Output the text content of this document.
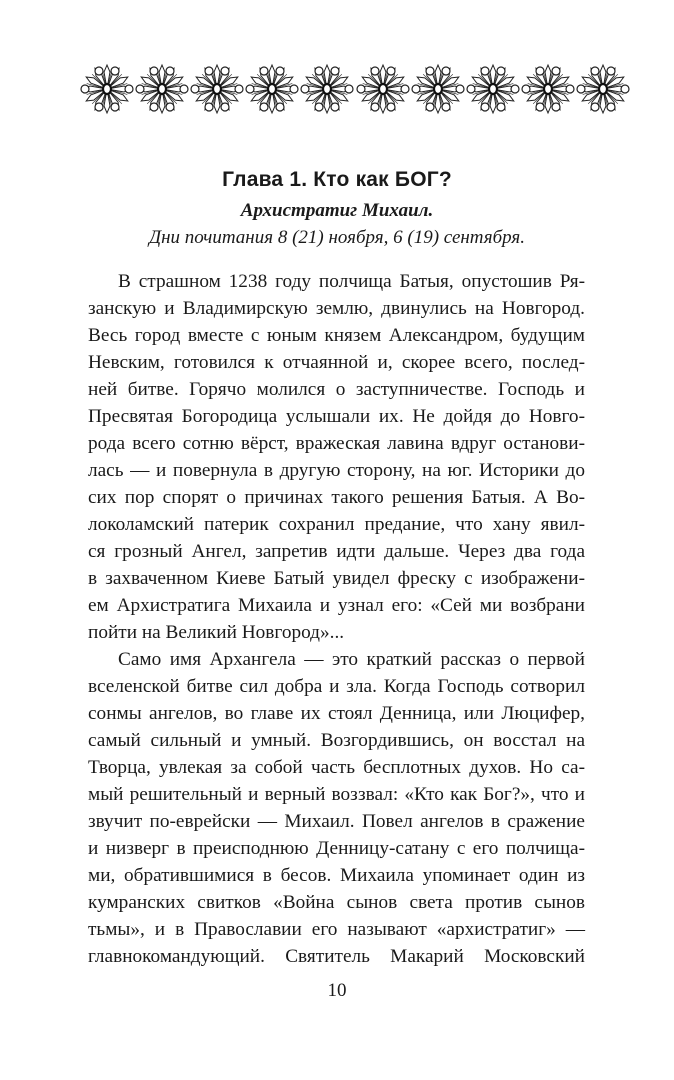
Глава 1. Кто как БОГ?
Архистратиг Михаил.
Дни почитания 8 (21) ноября, 6 (19) сентября.
В страшном 1238 году полчища Батыя, опустошив Ря-
занскую и Владимирскую землю, двинулись на Новгород.
Весь город вместе с юным князем Александром, будущим
Невским, готовился к отчаянной и, скорее всего, послед-
ней битве. Горячо молился о заступничестве. Господь и
Пресвятая Богородица услышали их. Не дойдя до Новго-
рода всего сотню вёрст, вражеская лавина вдруг останови-
лась — и повернула в другую сторону, на юг. Историки до
сих пор спорят о причинах такого решения Батыя. А Во-
локоламский патерик сохранил предание, что хану явил-
ся грозный Ангел, запретив идти дальше. Через два года
в захваченном Киеве Батый увидел фреску с изображени-
ем Архистратига Михаила и узнал его: «Сей ми возбрани
пойти на Великий Новгород»...
Само имя Архангела — это краткий рассказ о первой
вселенской битве сил добра и зла. Когда Господь сотворил
сонмы ангелов, во главе их стоял Денница, или Люцифер,
самый сильный и умный. Возгордившись, он восстал на
Творца, увлекая за собой часть бесплотных духов. Но са-
мый решительный и верный воззвал: «Кто как Бог?», что и
звучит по-еврейски — Михаил. Повел ангелов в сражение
и низверг в преисподнюю Денницу-сатану с его полчища-
ми, обратившимися в бесов. Михаила упоминает один из
кумранских свитков «Война сынов света против сынов
тьмы», и в Православии его называют «архистратиг» —
главнокомандующий. Святитель Макарий Московский
10
